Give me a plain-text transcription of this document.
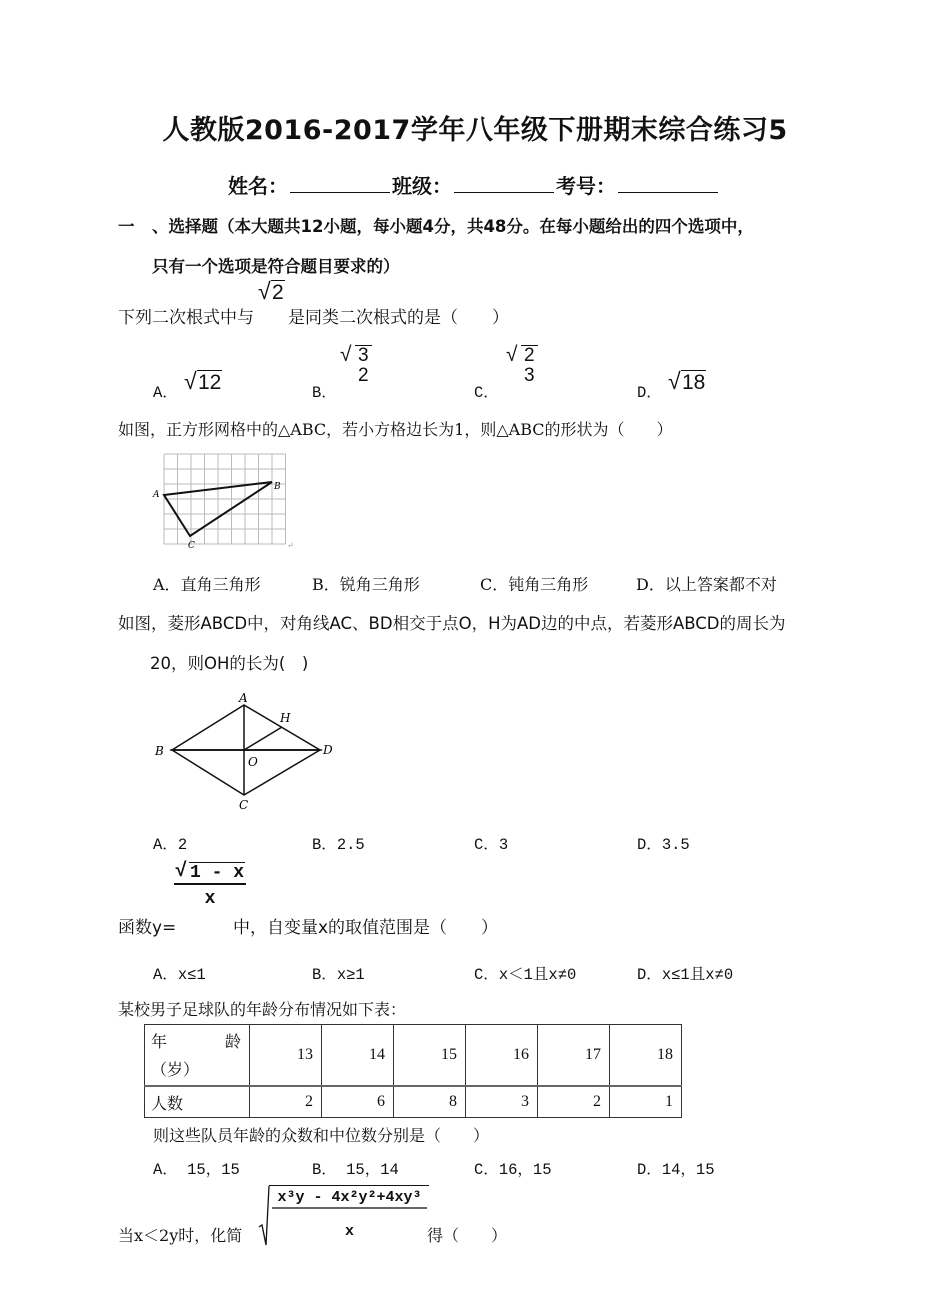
人教版2016-2017学年八年级下册期末综合练习5
姓名：	班级：	考号：
一 、选择题（本大题共12小题，每小题4分，共48分。在每小题给出的四个选项中，
只有一个选项是符合题目要求的）
下列二次根式中与
√ 2
是同类二次根式的是（　　）
A． √ 12	B．
√ 3
2
C．
√ 2
3
D． √ 18
如图，正方形网格中的△ABC，若小方格边长为1，则△ABC的形状为（　　）
A
B
C	↵
A．直角三角形	B．锐角三角形	C．钝角三角形	D．以上答案都不对
如图，菱形ABCD中，对角线AC、BD相交于点O，H为AD边的中点，若菱形ABCD的周长为
20，则OH的长为(　)
A
B
C
D
O
H
A．2	B．2.5	C．3	D．3.5
√ 1 - x
x
函数y=	中，自变量x的取值范围是（　　）
A．x≤1	B．x≥1	C．x＜1且x≠0	D．x≤1且x≠0
某校男子足球队的年龄分布情况如下表：
年 龄
（岁）	13	14	15	16	17	18
人数	2	6	8	3	2	1
则这些队员年龄的众数和中位数分别是（　　）
A． 15，15	B． 15，14	C．16，15	D．14，15
当x＜2y时，化简
x³y - 4x²y²+4xy³
x	得（　　）
